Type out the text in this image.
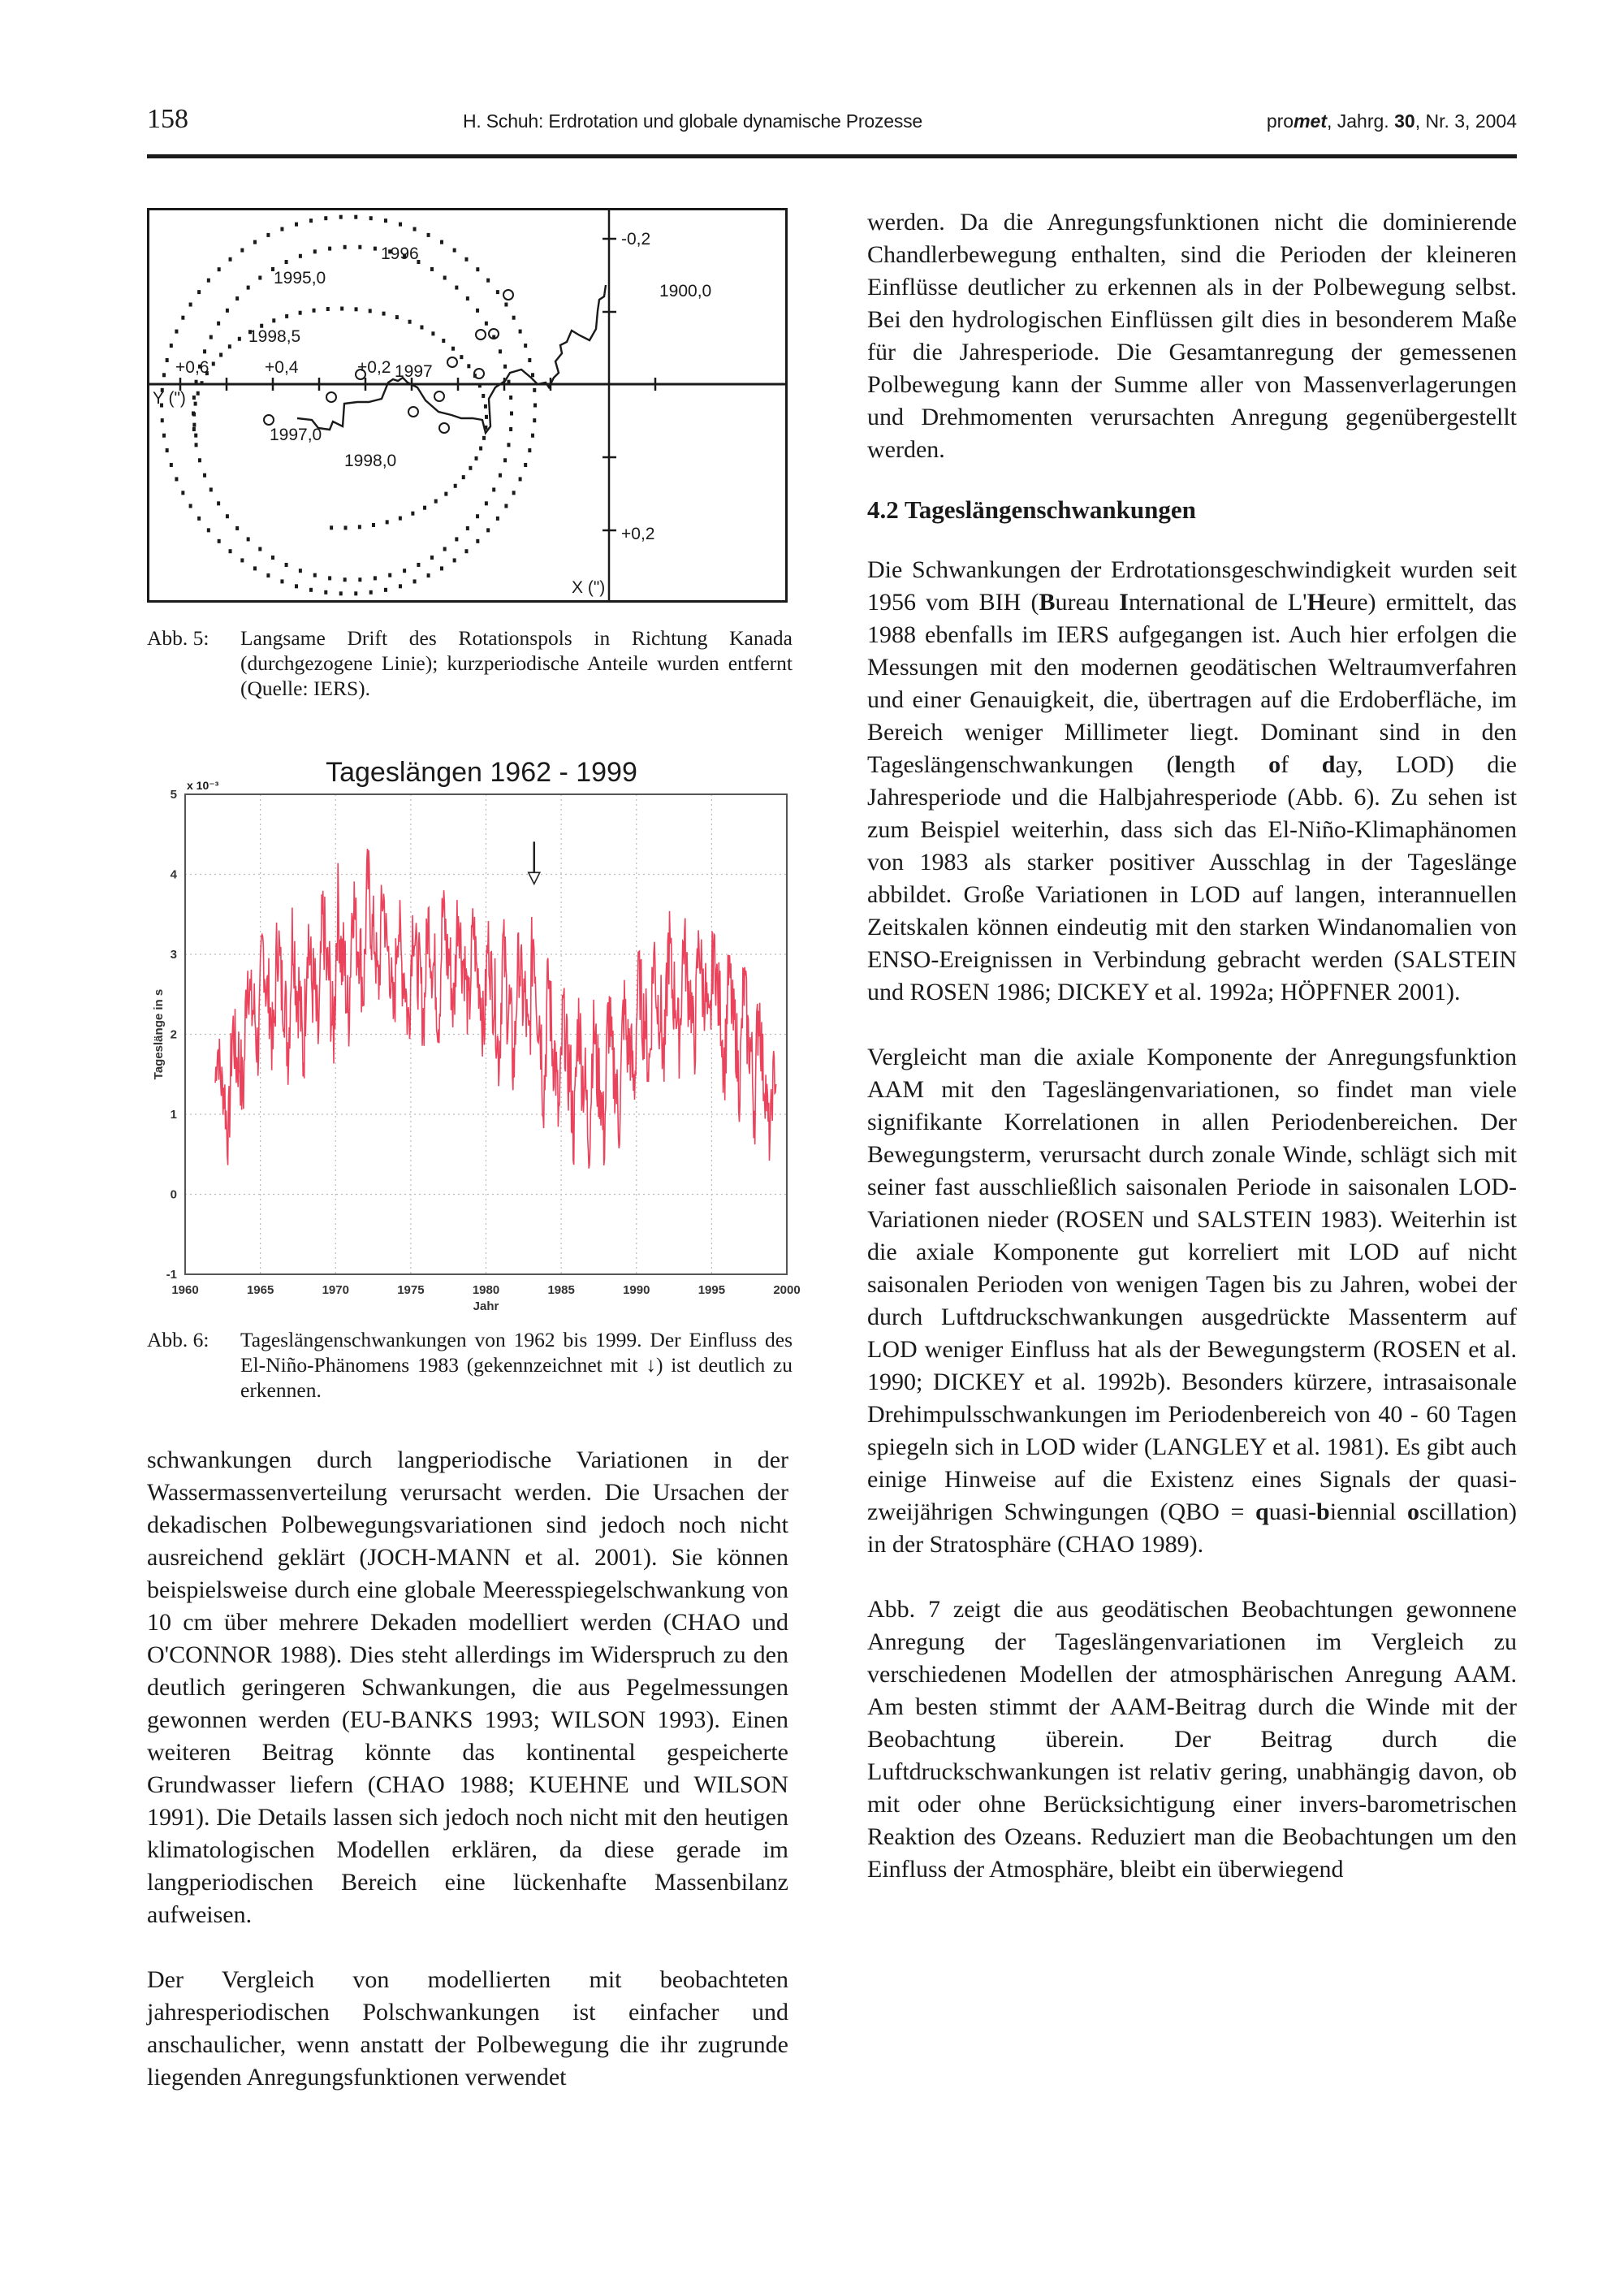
158	H. Schuh: Erdrotation und globale dynamische Prozesse	promet, Jahrg. 30, Nr. 3, 2004
-0,2
+0,2
+0,6	+0,4	+0,2
Y (")
X (")
1996
1995,0
1998,5
1997
1997,0
1998,0
1900,0
Abb. 5: Langsame Drift des Rotationspols in Richtung Kanada (durchgezogene Linie); kurzperiodische Anteile wurden entfernt (Quelle: IERS).
Tageslängen 1962 - 1999
x 10⁻³
1960	1965	1970	1975	1980	1985	1990	1995	2000
-1
0
1
2
3
4
5
Jahr
Tageslänge in s
Abb. 6: Tageslängenschwankungen von 1962 bis 1999. Der Einfluss des El-Niño-Phänomens 1983 (gekennzeichnet mit ↓) ist deutlich zu erkennen.

schwankungen durch langperiodische Variationen in der Wassermassenverteilung verursacht werden. Die Ursachen der dekadischen Polbewegungsvariationen sind jedoch noch nicht ausreichend geklärt (JOCH-MANN et al. 2001). Sie können beispielsweise durch eine globale Meeresspiegelschwankung von 10 cm über mehrere Dekaden modelliert werden (CHAO und O'CONNOR 1988). Dies steht allerdings im Widerspruch zu den deutlich geringeren Schwankungen, die aus Pegelmessungen gewonnen werden (EU-BANKS 1993; WILSON 1993). Einen weiteren Beitrag könnte das kontinental gespeicherte Grundwasser liefern (CHAO 1988; KUEHNE und WILSON 1991). Die Details lassen sich jedoch noch nicht mit den heutigen klimatologischen Modellen erklären, da diese gerade im langperiodischen Bereich eine lückenhafte Massenbilanz aufweisen.

Der Vergleich von modellierten mit beobachteten jahresperiodischen Polschwankungen ist einfacher und anschaulicher, wenn anstatt der Polbewegung die ihr zugrunde liegenden Anregungsfunktionen verwendet

werden. Da die Anregungsfunktionen nicht die dominierende Chandlerbewegung enthalten, sind die Perioden der kleineren Einflüsse deutlicher zu erkennen als in der Polbewegung selbst. Bei den hydrologischen Einflüssen gilt dies in besonderem Maße für die Jahresperiode. Die Gesamtanregung der gemessenen Polbewegung kann der Summe aller von Massenverlagerungen und Drehmomenten verursachten Anregung gegenübergestellt werden.

4.2 Tageslängenschwankungen

Die Schwankungen der Erdrotationsgeschwindigkeit wurden seit 1956 vom BIH (Bureau International de L'Heure) ermittelt, das 1988 ebenfalls im IERS aufgegangen ist. Auch hier erfolgen die Messungen mit den modernen geodätischen Weltraumverfahren und einer Genauigkeit, die, übertragen auf die Erdoberfläche, im Bereich weniger Millimeter liegt. Dominant sind in den Tageslängenschwankungen (length of day, LOD) die Jahresperiode und die Halbjahresperiode (Abb. 6). Zu sehen ist zum Beispiel weiterhin, dass sich das El-Niño-Klimaphänomen von 1983 als starker positiver Ausschlag in der Tageslänge abbildet. Große Variationen in LOD auf langen, interannuellen Zeitskalen können eindeutig mit den starken Windanomalien von ENSO-Ereignissen in Verbindung gebracht werden (SALSTEIN und ROSEN 1986; DICKEY et al. 1992a; HÖPFNER 2001).

Vergleicht man die axiale Komponente der Anregungsfunktion AAM mit den Tageslängenvariationen, so findet man viele signifikante Korrelationen in allen Periodenbereichen. Der Bewegungsterm, verursacht durch zonale Winde, schlägt sich mit seiner fast ausschließlich saisonalen Periode in saisonalen LOD-Variationen nieder (ROSEN und SALSTEIN 1983). Weiterhin ist die axiale Komponente gut korreliert mit LOD auf nicht saisonalen Perioden von wenigen Tagen bis zu Jahren, wobei der durch Luftdruckschwankungen ausgedrückte Massenterm auf LOD weniger Einfluss hat als der Bewegungsterm (ROSEN et al. 1990; DICKEY et al. 1992b). Besonders kürzere, intrasaisonale Drehimpulsschwankungen im Periodenbereich von 40 - 60 Tagen spiegeln sich in LOD wider (LANGLEY et al. 1981). Es gibt auch einige Hinweise auf die Existenz eines Signals der quasi-zweijährigen Schwingungen (QBO = quasi-biennial oscillation) in der Stratosphäre (CHAO 1989).

Abb. 7 zeigt die aus geodätischen Beobachtungen gewonnene Anregung der Tageslängenvariationen im Vergleich zu verschiedenen Modellen der atmosphärischen Anregung AAM. Am besten stimmt der AAM-Beitrag durch die Winde mit der Beobachtung überein. Der Beitrag durch die Luftdruckschwankungen ist relativ gering, unabhängig davon, ob mit oder ohne Berücksichtigung einer invers-barometrischen Reaktion des Ozeans. Reduziert man die Beobachtungen um den Einfluss der Atmosphäre, bleibt ein überwiegend
